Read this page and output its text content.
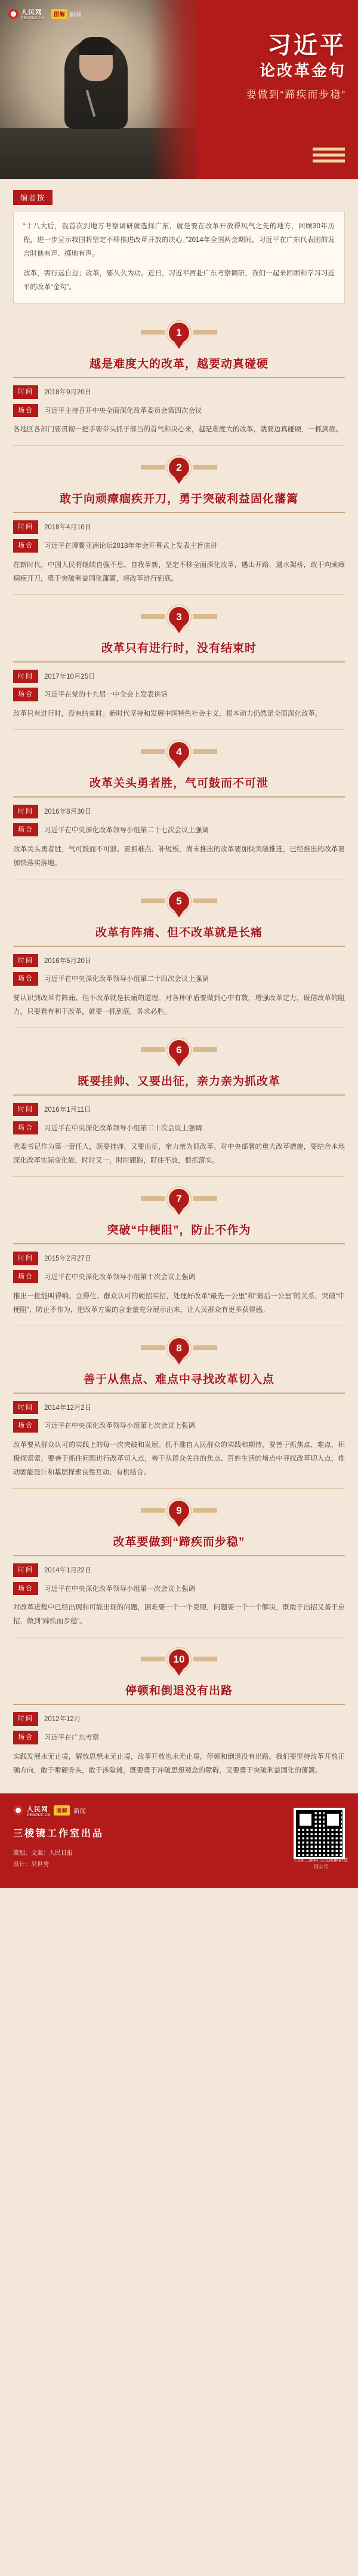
人民网
PEOPLE.CN
图解 新闻
习近平
论改革金句
要做到“蹄疾而步稳”
编者按

“十八大后，我首次到地方考察调研就选择广东，就是要在改革开放得风气之先的地方，回顾30年历程，进一步宣示我国将坚定不移推进改革开放的决心。”2014年全国两会期间，习近平在广东代表团的发言时他有声、掷地有声。

改革，需行远自迩；改革，要久久为功。近日，习近平再赴广东考察调研，我们一起来回顾和学习习近平的改革“金句”。

1
越是难度大的改革，越要动真碰硬
时间	2018年9月20日
场合	习近平主持召开中央全面深化改革委员会第四次会议

各地区各部门要贯彻一把手要带头抓于部当的首气和决心来，越是难度大的改革，就要边真碰硬，一抓到底。

2
敢于向顽瘴痼疾开刀，勇于突破利益固化藩篱
时间	2018年4月10日
场合	习近平在博鳌亚洲论坛2018年年会开幕式上发表主旨演讲

在新时代，中国人民将继续自强不息、自我革新，坚定不移全面深化改革，遇山开路，遇水架桥，敢于向顽瘴痼疾开刀，勇于突破利益固化藩篱，将改革进行到底。

3
改革只有进行时，没有结束时
时间	2017年10月25日
场合	习近平在党的十九届一中全会上发表讲话

改革只有进行时，没有结束时。新时代坚持和发展中国特色社会主义，根本动力仍然是全面深化改革。

4
改革关头勇者胜，气可鼓而不可泄
时间	2016年8月30日
场合	习近平在中央深化改革领导小组第二十七次会议上强调

改革关头勇者胜，气可鼓而不可泄。要抓难点、补短板，尚未推出的改革要加快突破推进，已经推出的改革要加快落实落地。

5
改革有阵痛、但不改革就是长痛
时间	2016年5月20日
场合	习近平在中央深化改革领导小组第二十四次会议上强调

要认识到改革有阵痛、但不改革就是长痛的道理。对各种矛盾要做到心中有数，增强改革定力，既信改革的阻力，只要看有利于改革，就要一抓到底，务求必胜。

6
既要挂帅、又要出征，亲力亲为抓改革
时间	2016年1月11日
场合	习近平在中央深化改革领导小组第二十次会议上强调

党委书记作为第一责任人，既要挂帅、又要出征，亲力亲为抓改革。对中央部署的重大改革措施，要结合本地深化改革实际变化能，时时又一，时时跟踪，盯住不放，狠抓落实。

7
突破“中梗阻”，防止不作为
时间	2015年2月27日
场合	习近平在中央深化改革领导小组第十次会议上强调

推出一批能叫得响、立得住、群众认可的硬招实招，处理好改革“最先一公里”和“最后一公里”的关系，突破“中梗阻”，防止不作为，把改革方案的含金量充分展示出来，让人民群众有更多获得感。

8
善于从焦点、难点中寻找改革切入点
时间	2014年12月2日
场合	习近平在中央深化改革领导小组第七次会议上强调

改革要从群众认可的实践上的每一次突破和发展。抓不准自人民群众的实践和期待，要善于抓焦点、难点，积极探索索，要善于抓住问题进行改革切入点，善于从群众关注的焦点、百姓生活的堵点中寻找改革切入点，推动固能设计和基层探索良性互动、有机结合。

9
改革要做到“蹄疾而步稳”
时间	2014年1月22日
场合	习近平在中央深化改革领导小组第一次会议上强调

对改革进程中已经出现和可能出现的问题，困难要一个一个克服，问题要一个一个解决，既敢于出招又善于应招，做到“蹄疾而步稳”。

10
停顿和倒退没有出路
时间	2012年12月
场合	习近平在广东考察

实践发展永无止境，解放思想永无止境，改革开放也永无止境，停顿和倒退没有出路。我们要坚持改革开放正确方向，敢于啃硬骨头，敢于涉险滩，既要勇于冲破思想观念的障碍，又要勇于突破利益固化的藩篱。

人民网
PEOPLE.CN
图解	新闻
三棱镜工作室出品
策划、文案：人民日报
设计：吴世秀
扫描二维码 关注图解新微信公号
